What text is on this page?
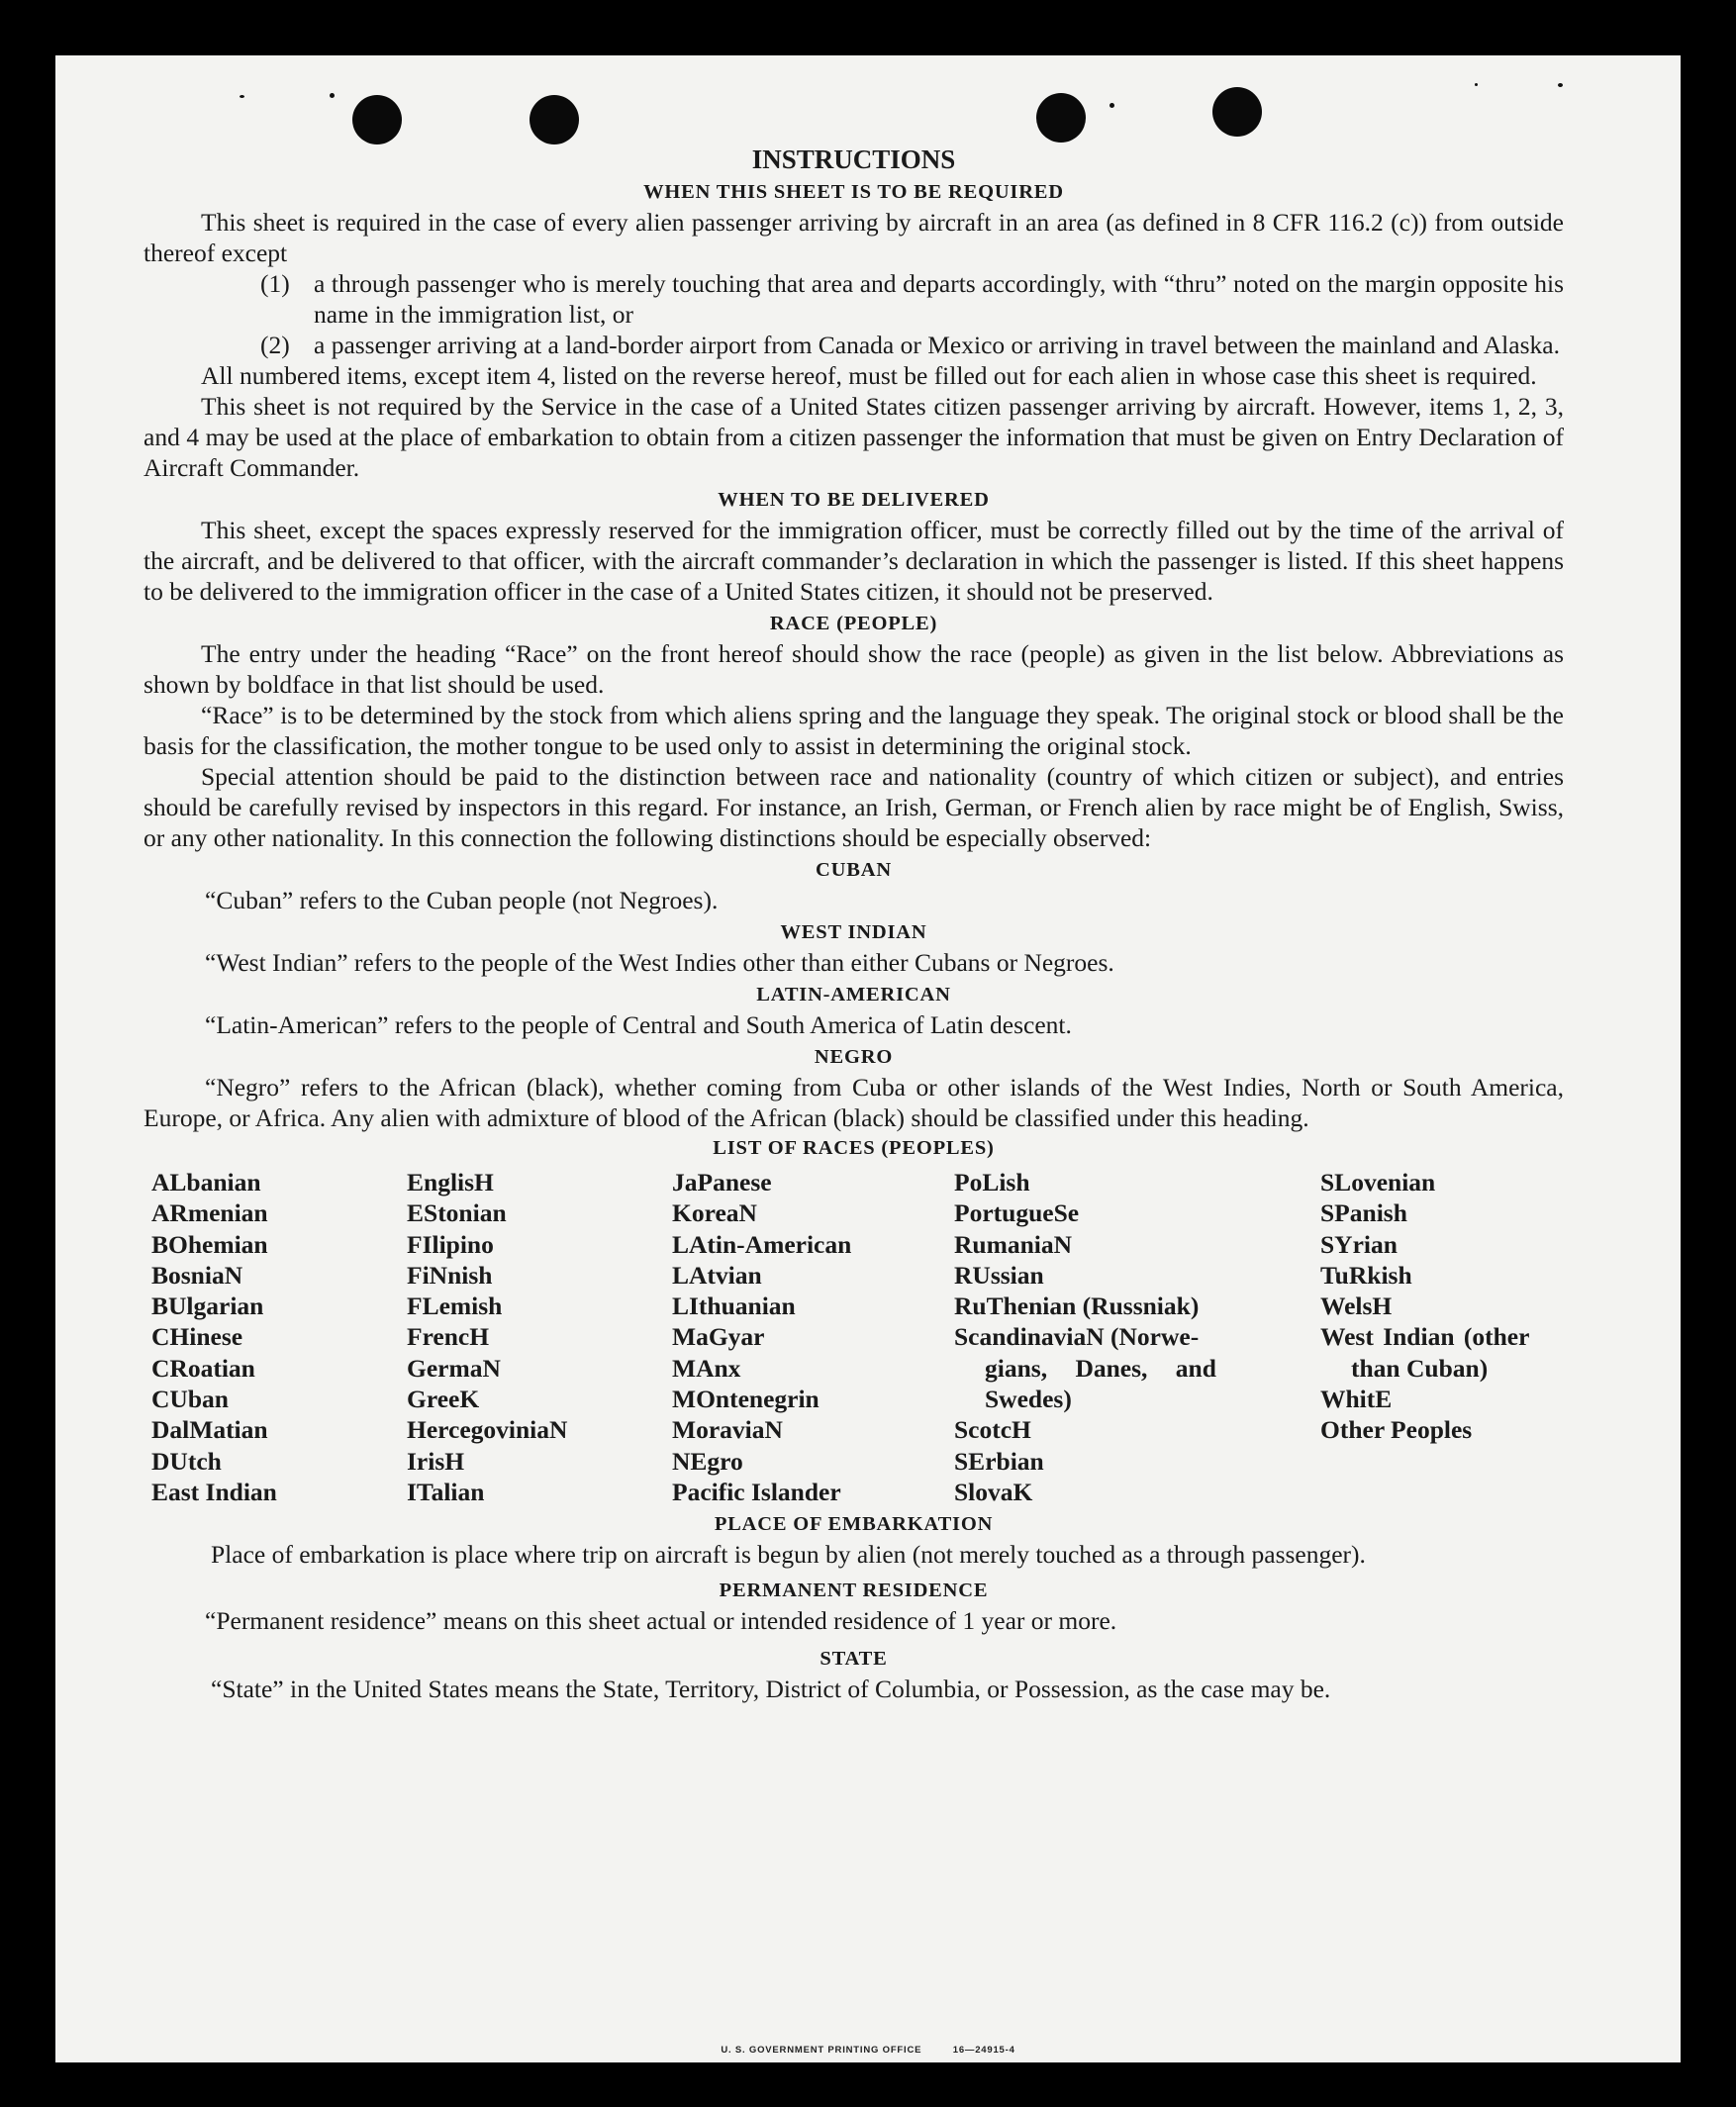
U. S. GOVERNMENT PRINTING OFFICE	16—24915-4
INSTRUCTIONS
WHEN THIS SHEET IS TO BE REQUIRED

This sheet is required in the case of every alien passenger arriving by aircraft in an area (as defined in 8 CFR 116.2 (c)) from outside thereof except

(1) a through passenger who is merely touching that area and departs accordingly, with “thru” noted on the margin opposite his name in the immigration list, or
(2) a passenger arriving at a land-border airport from Canada or Mexico or arriving in travel between the mainland and Alaska.

All numbered items, except item 4, listed on the reverse hereof, must be filled out for each alien in whose case this sheet is required.

This sheet is not required by the Service in the case of a United States citizen passenger arriving by aircraft. However, items 1, 2, 3, and 4 may be used at the place of embarkation to obtain from a citizen passenger the information that must be given on Entry Declaration of Aircraft Commander.

WHEN TO BE DELIVERED

This sheet, except the spaces expressly reserved for the immigration officer, must be correctly filled out by the time of the arrival of the aircraft, and be delivered to that officer, with the aircraft commander’s declaration in which the passenger is listed. If this sheet happens to be delivered to the immigration officer in the case of a United States citizen, it should not be preserved.

RACE (PEOPLE)

The entry under the heading “Race” on the front hereof should show the race (people) as given in the list below. Abbreviations as shown by boldface in that list should be used.

“Race” is to be determined by the stock from which aliens spring and the language they speak. The original stock or blood shall be the basis for the classification, the mother tongue to be used only to assist in determining the original stock.

Special attention should be paid to the distinction between race and nationality (country of which citizen or subject), and entries should be carefully revised by inspectors in this regard. For instance, an Irish, German, or French alien by race might be of English, Swiss, or any other nationality. In this connection the following distinctions should be especially observed:

CUBAN

“Cuban” refers to the Cuban people (not Negroes).

WEST INDIAN

“West Indian” refers to the people of the West Indies other than either Cubans or Negroes.

LATIN-AMERICAN

“Latin-American” refers to the people of Central and South America of Latin descent.

NEGRO

“Negro” refers to the African (black), whether coming from Cuba or other islands of the West Indies, North or South America, Europe, or Africa. Any alien with admixture of blood of the African (black) should be classified under this heading.

LIST OF RACES (PEOPLES)
ALbanian
ARmenian
BOhemian
BosniaN
BUlgarian
CHinese
CRoatian
CUban
DalMatian
DUtch
East Indian
EnglisH
EStonian
FIlipino
FiNnish
FLemish
FrencH
GermaN
GreeK
HercegoviniaN
IrisH
ITalian
JaPanese
KoreaN
LAtin-American
LAtvian
LIthuanian
MaGyar
MAnx
MOntenegrin
MoraviaN
NEgro
Pacific Islander
PoLish
PortugueSe
RumaniaN
RUssian
RuThenian (Russniak)
ScandinaviaN (Norwe-
gians, Danes, and
Swedes)
ScotcH
SErbian
SlovaK
SLovenian
SPanish
SYrian
TuRkish
WelsH
West Indian (other
than Cuban)
WhitE
Other Peoples
PLACE OF EMBARKATION

Place of embarkation is place where trip on aircraft is begun by alien (not merely touched as a through passenger).

PERMANENT RESIDENCE

“Permanent residence” means on this sheet actual or intended residence of 1 year or more.

STATE

“State” in the United States means the State, Territory, District of Columbia, or Possession, as the case may be.
